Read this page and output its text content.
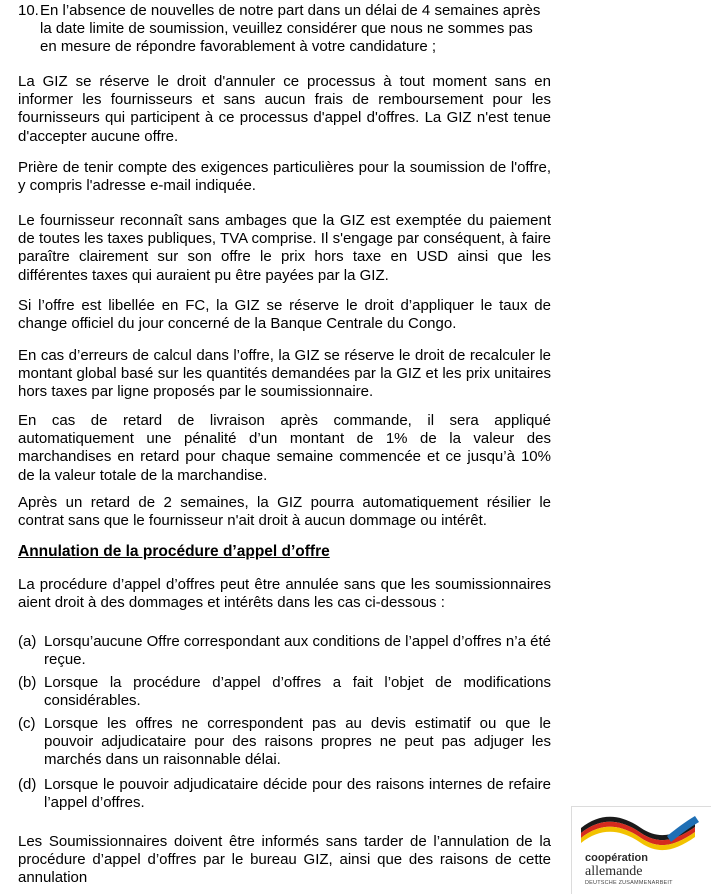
10. En l’absence de nouvelles de notre part dans un délai de 4 semaines après la date limite de soumission, veuillez considérer que nous ne sommes pas en mesure de répondre favorablement à votre candidature ;

La GIZ se réserve le droit d'annuler ce processus à tout moment sans en informer les fournisseurs et sans aucun frais de remboursement pour les fournisseurs qui participent à ce processus d'appel d'offres. La GIZ n'est tenue d'accepter aucune offre.

Prière de tenir compte des exigences particulières pour la soumission de l'offre, y compris l'adresse e-mail indiquée.

Le fournisseur reconnaît sans ambages que la GIZ est exemptée du paiement de toutes les taxes publiques, TVA comprise. Il s'engage par conséquent, à faire paraître clairement sur son offre le prix hors taxe en USD ainsi que les différentes taxes qui auraient pu être payées par la GIZ.

Si l’offre est libellée en FC, la GIZ se réserve le droit d’appliquer le taux de change officiel du jour concerné de la Banque Centrale du Congo.

En cas d’erreurs de calcul dans l’offre, la GIZ se réserve le droit de recalculer le montant global basé sur les quantités demandées par la GIZ et les prix unitaires hors taxes par ligne proposés par le soumissionnaire.

En cas de retard de livraison après commande, il sera appliqué automatiquement une pénalité d’un montant de 1% de la valeur des marchandises en retard pour chaque semaine commencée et ce jusqu’à 10% de la valeur totale de la marchandise.

Après un retard de 2 semaines, la GIZ pourra automatiquement résilier le contrat sans que le fournisseur n'ait droit à aucun dommage ou intérêt.

Annulation de la procédure d’appel d’offre

La procédure d’appel d’offres peut être annulée sans que les soumissionnaires aient droit à des dommages et intérêts dans les cas ci-dessous :

(a) Lorsqu’aucune Offre correspondant aux conditions de l’appel d’offres n’a été reçue.
(b) Lorsque la procédure d’appel d’offres a fait l’objet de modifications considérables.
(c) Lorsque les offres ne correspondent pas au devis estimatif ou que le pouvoir adjudicataire pour des raisons propres ne peut pas adjuger les marchés dans un raisonnable délai.
(d) Lorsque le pouvoir adjudicataire décide pour des raisons internes de refaire l’appel d’offres.

Les Soumissionnaires doivent être informés sans tarder de l’annulation de la procédure d’appel d’offres par le bureau GIZ, ainsi que des raisons de cette annulation

coopération
allemande
DEUTSCHE ZUSAMMENARBEIT
